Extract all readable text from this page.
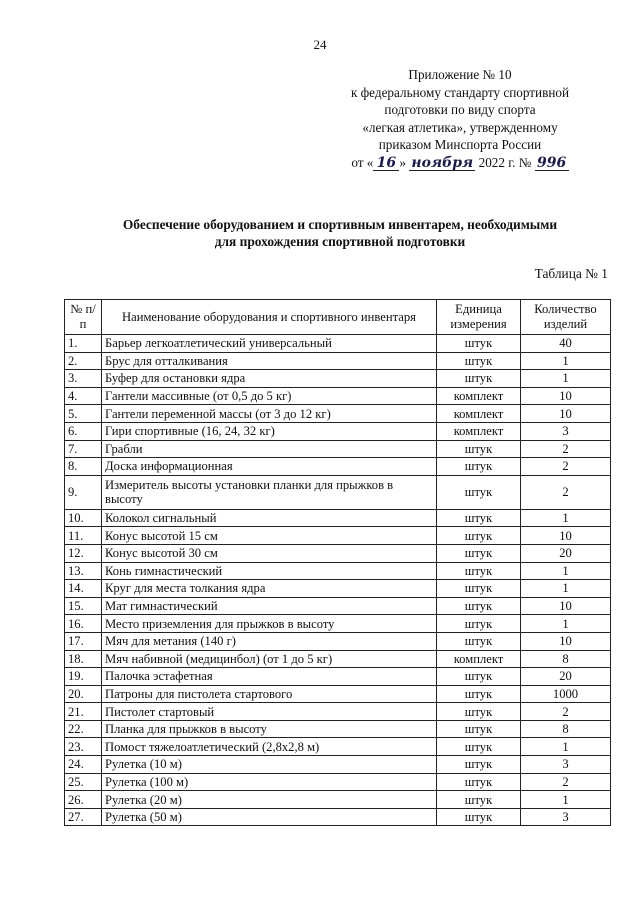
24
Приложение № 10
к федеральному стандарту спортивной
подготовки по виду спорта
«легкая атлетика», утвержденному
приказом Минспорта России
от « 16 » ноября 2022 г. № 996
Обеспечение оборудованием и спортивным инвентарем, необходимыми
для прохождения спортивной подготовки
Таблица № 1
№ п/п	Наименование оборудования и спортивного инвентаря	Единица измерения	Количество изделий
1.	Барьер легкоатлетический универсальный	штук	40
2.	Брус для отталкивания	штук	1
3.	Буфер для остановки ядра	штук	1
4.	Гантели массивные (от 0,5 до 5 кг)	комплект	10
5.	Гантели переменной массы (от 3 до 12 кг)	комплект	10
6.	Гири спортивные (16, 24, 32 кг)	комплект	3
7.	Грабли	штук	2
8.	Доска информационная	штук	2
9.	Измеритель высоты установки планки для прыжков в высоту	штук	2
10.	Колокол сигнальный	штук	1
11.	Конус высотой 15 см	штук	10
12.	Конус высотой 30 см	штук	20
13.	Конь гимнастический	штук	1
14.	Круг для места толкания ядра	штук	1
15.	Мат гимнастический	штук	10
16.	Место приземления для прыжков в высоту	штук	1
17.	Мяч для метания (140 г)	штук	10
18.	Мяч набивной (медицинбол) (от 1 до 5 кг)	комплект	8
19.	Палочка эстафетная	штук	20
20.	Патроны для пистолета стартового	штук	1000
21.	Пистолет стартовый	штук	2
22.	Планка для прыжков в высоту	штук	8
23.	Помост тяжелоатлетический (2,8x2,8 м)	штук	1
24.	Рулетка (10 м)	штук	3
25.	Рулетка (100 м)	штук	2
26.	Рулетка (20 м)	штук	1
27.	Рулетка (50 м)	штук	3
